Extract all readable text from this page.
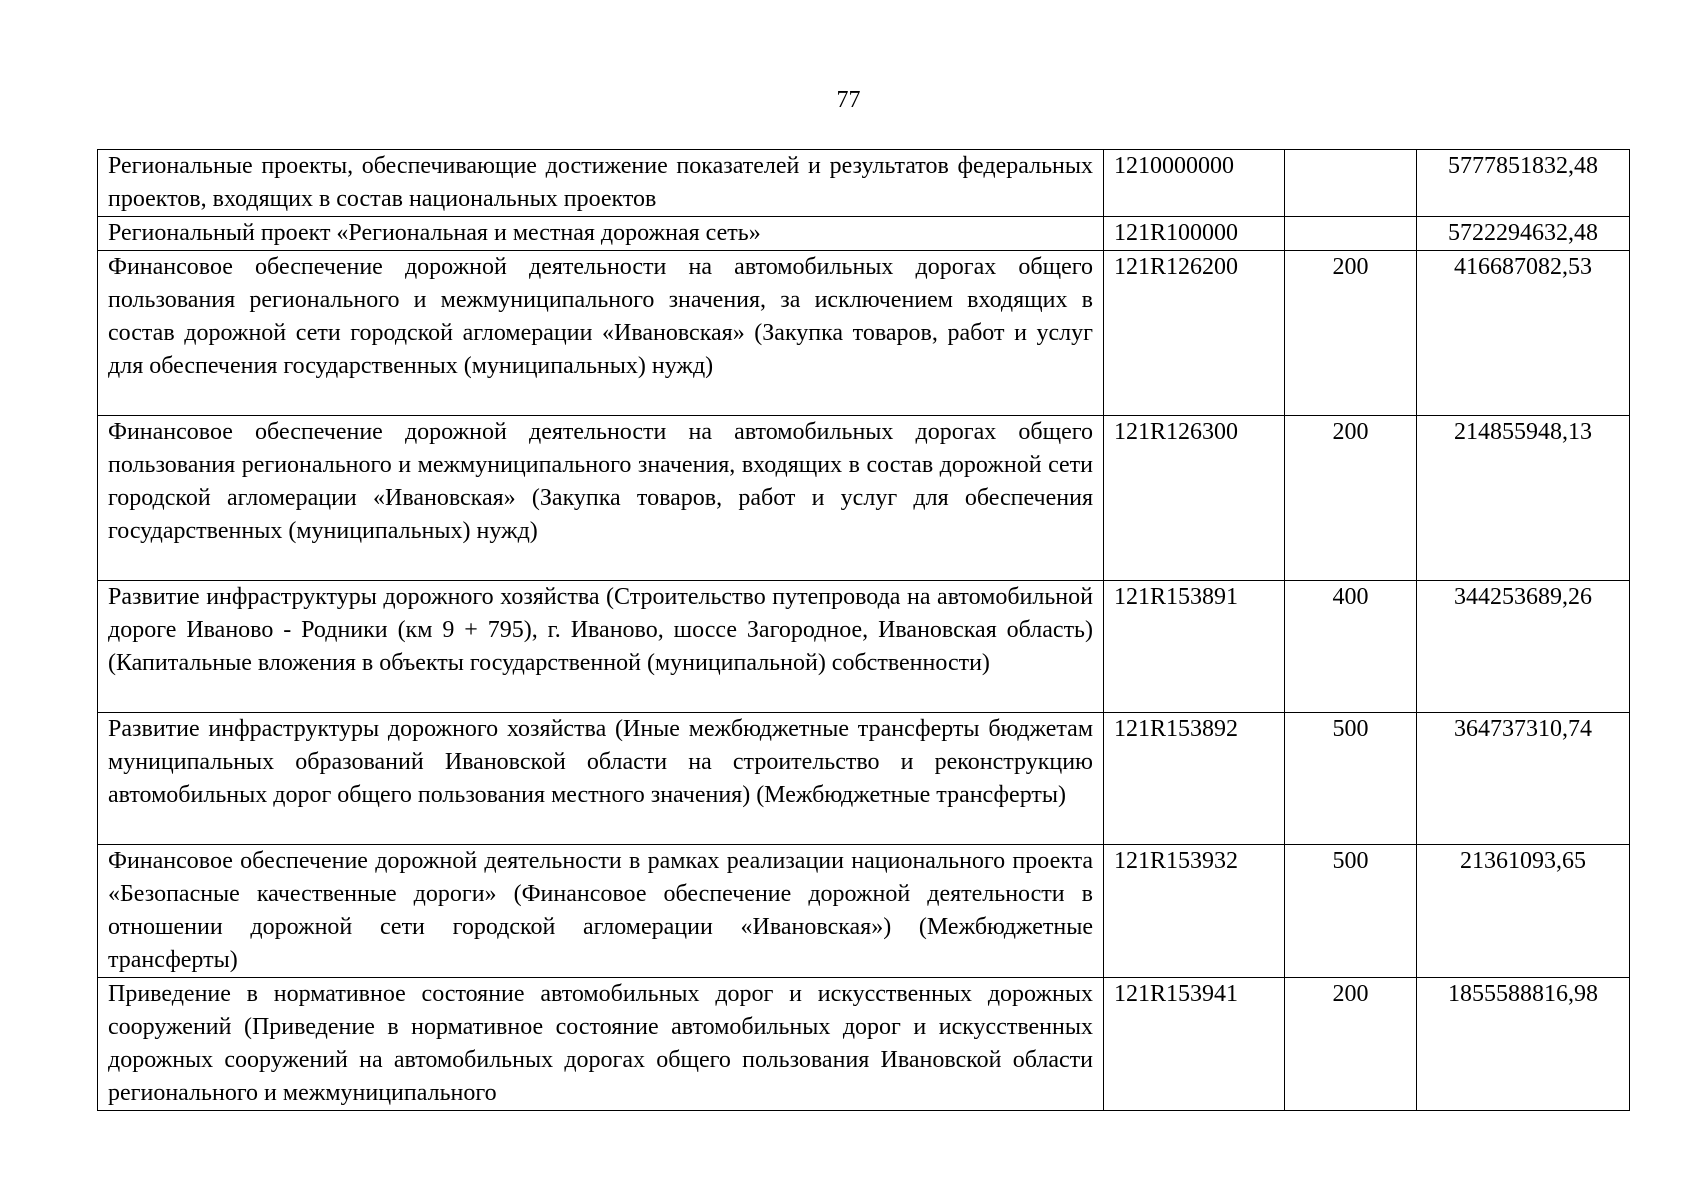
77
Региональные проекты, обеспечивающие достижение показателей и результатов федеральных проектов, входящих в состав национальных проектов	1210000000		5777851832,48
Региональный проект «Региональная и местная дорожная сеть»	121R100000		5722294632,48
Финансовое обеспечение дорожной деятельности на автомобильных дорогах общего пользования регионального и межмуниципального значения, за исключением входящих в состав дорожной сети городской агломерации «Ивановская» (Закупка товаров, работ и услуг для обеспечения государственных (муниципальных) нужд)	121R126200	200	416687082,53
Финансовое обеспечение дорожной деятельности на автомобильных дорогах общего пользования регионального и межмуниципального значения, входящих в состав дорожной сети городской агломерации «Ивановская» (Закупка товаров, работ и услуг для обеспечения государственных (муниципальных) нужд)	121R126300	200	214855948,13
Развитие инфраструктуры дорожного хозяйства (Строительство путепровода на автомобильной дороге Иваново - Родники (км 9 + 795), г. Иваново, шоссе Загородное, Ивановская область) (Капитальные вложения в объекты государственной (муниципальной) собственности)	121R153891	400	344253689,26
Развитие инфраструктуры дорожного хозяйства (Иные межбюджетные трансферты бюджетам муниципальных образований Ивановской области на строительство и реконструкцию автомобильных дорог общего пользования местного значения) (Межбюджетные трансферты)	121R153892	500	364737310,74
Финансовое обеспечение дорожной деятельности в рамках реализации национального проекта «Безопасные качественные дороги» (Финансовое обеспечение дорожной деятельности в отношении дорожной сети городской агломерации «Ивановская») (Межбюджетные трансферты)	121R153932	500	21361093,65
Приведение в нормативное состояние автомобильных дорог и искусственных дорожных сооружений (Приведение в нормативное состояние автомобильных дорог и искусственных дорожных сооружений на автомобильных дорогах общего пользования Ивановской области регионального и межмуниципального	121R153941	200	1855588816,98
